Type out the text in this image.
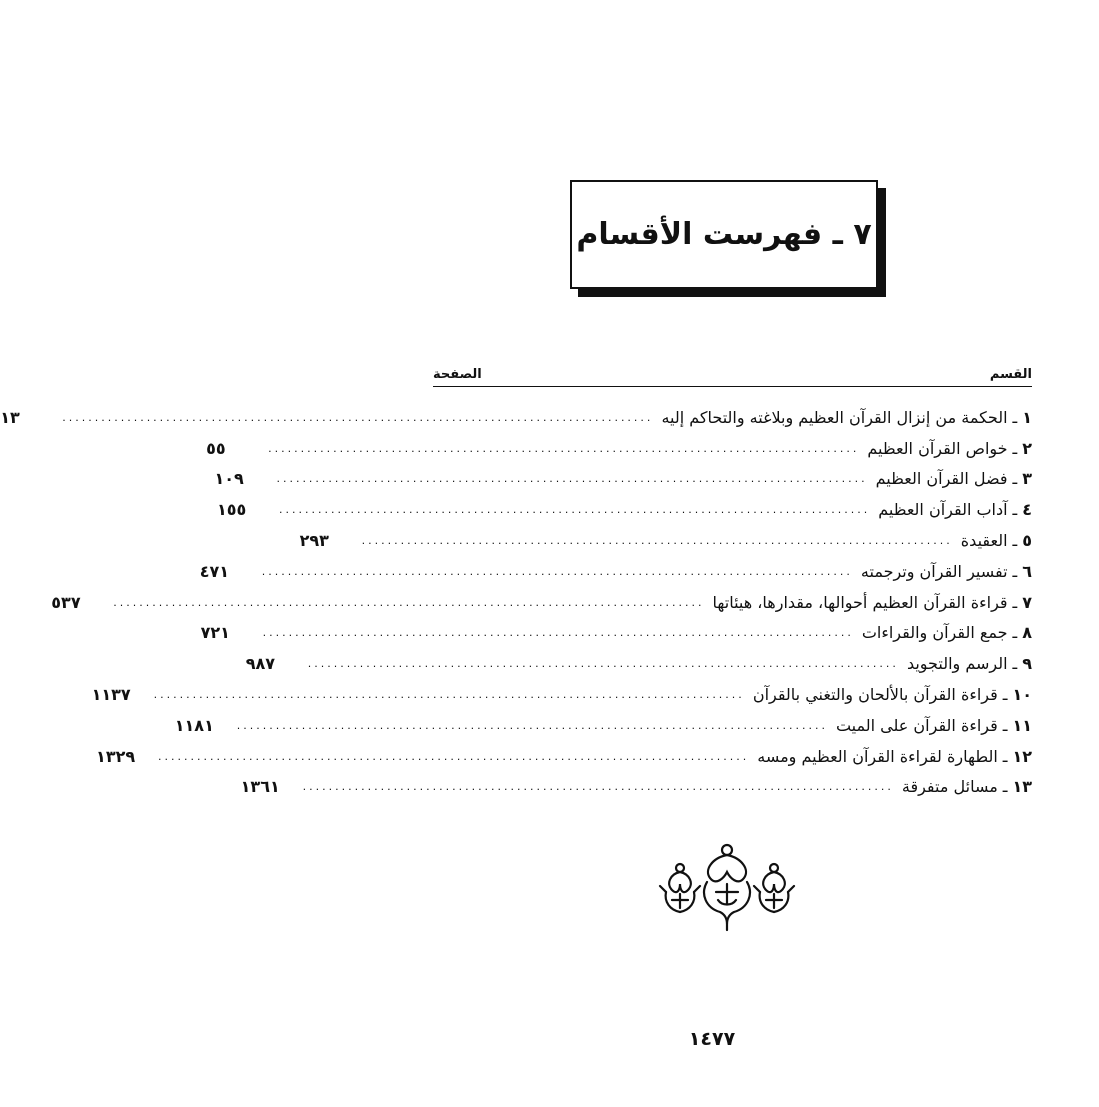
٧ ـ فهرست الأقسام
القسم
الصفحة
١
ـ
الحكمة من إنزال القرآن العظيم وبلاغته والتحاكم إليه
...........................................................................................
١٣
٢
ـ
خواص القرآن العظيم
...........................................................................................
٥٥
٣
ـ
فضل القرآن العظيم
...........................................................................................
١٠٩
٤
ـ
آداب القرآن العظيم
...........................................................................................
١٥٥
٥
ـ
العقيدة
...........................................................................................
٢٩٣
٦
ـ
تفسير القرآن وترجمته
...........................................................................................
٤٧١
٧
ـ
قراءة القرآن العظيم أحوالها، مقدارها، هيئاتها
...........................................................................................
٥٣٧
٨
ـ
جمع القرآن والقراءات
...........................................................................................
٧٢١
٩
ـ
الرسم والتجويد
...........................................................................................
٩٨٧
١٠
ـ
قراءة القرآن بالألحان والتغني بالقرآن
...........................................................................................
١١٣٧
١١
ـ
قراءة القرآن على الميت
...........................................................................................
١١٨١
١٢
ـ
الطهارة لقراءة القرآن العظيم ومسه
...........................................................................................
١٣٢٩
١٣
ـ
مسائل متفرقة
...........................................................................................
١٣٦١
١٤٧٧
